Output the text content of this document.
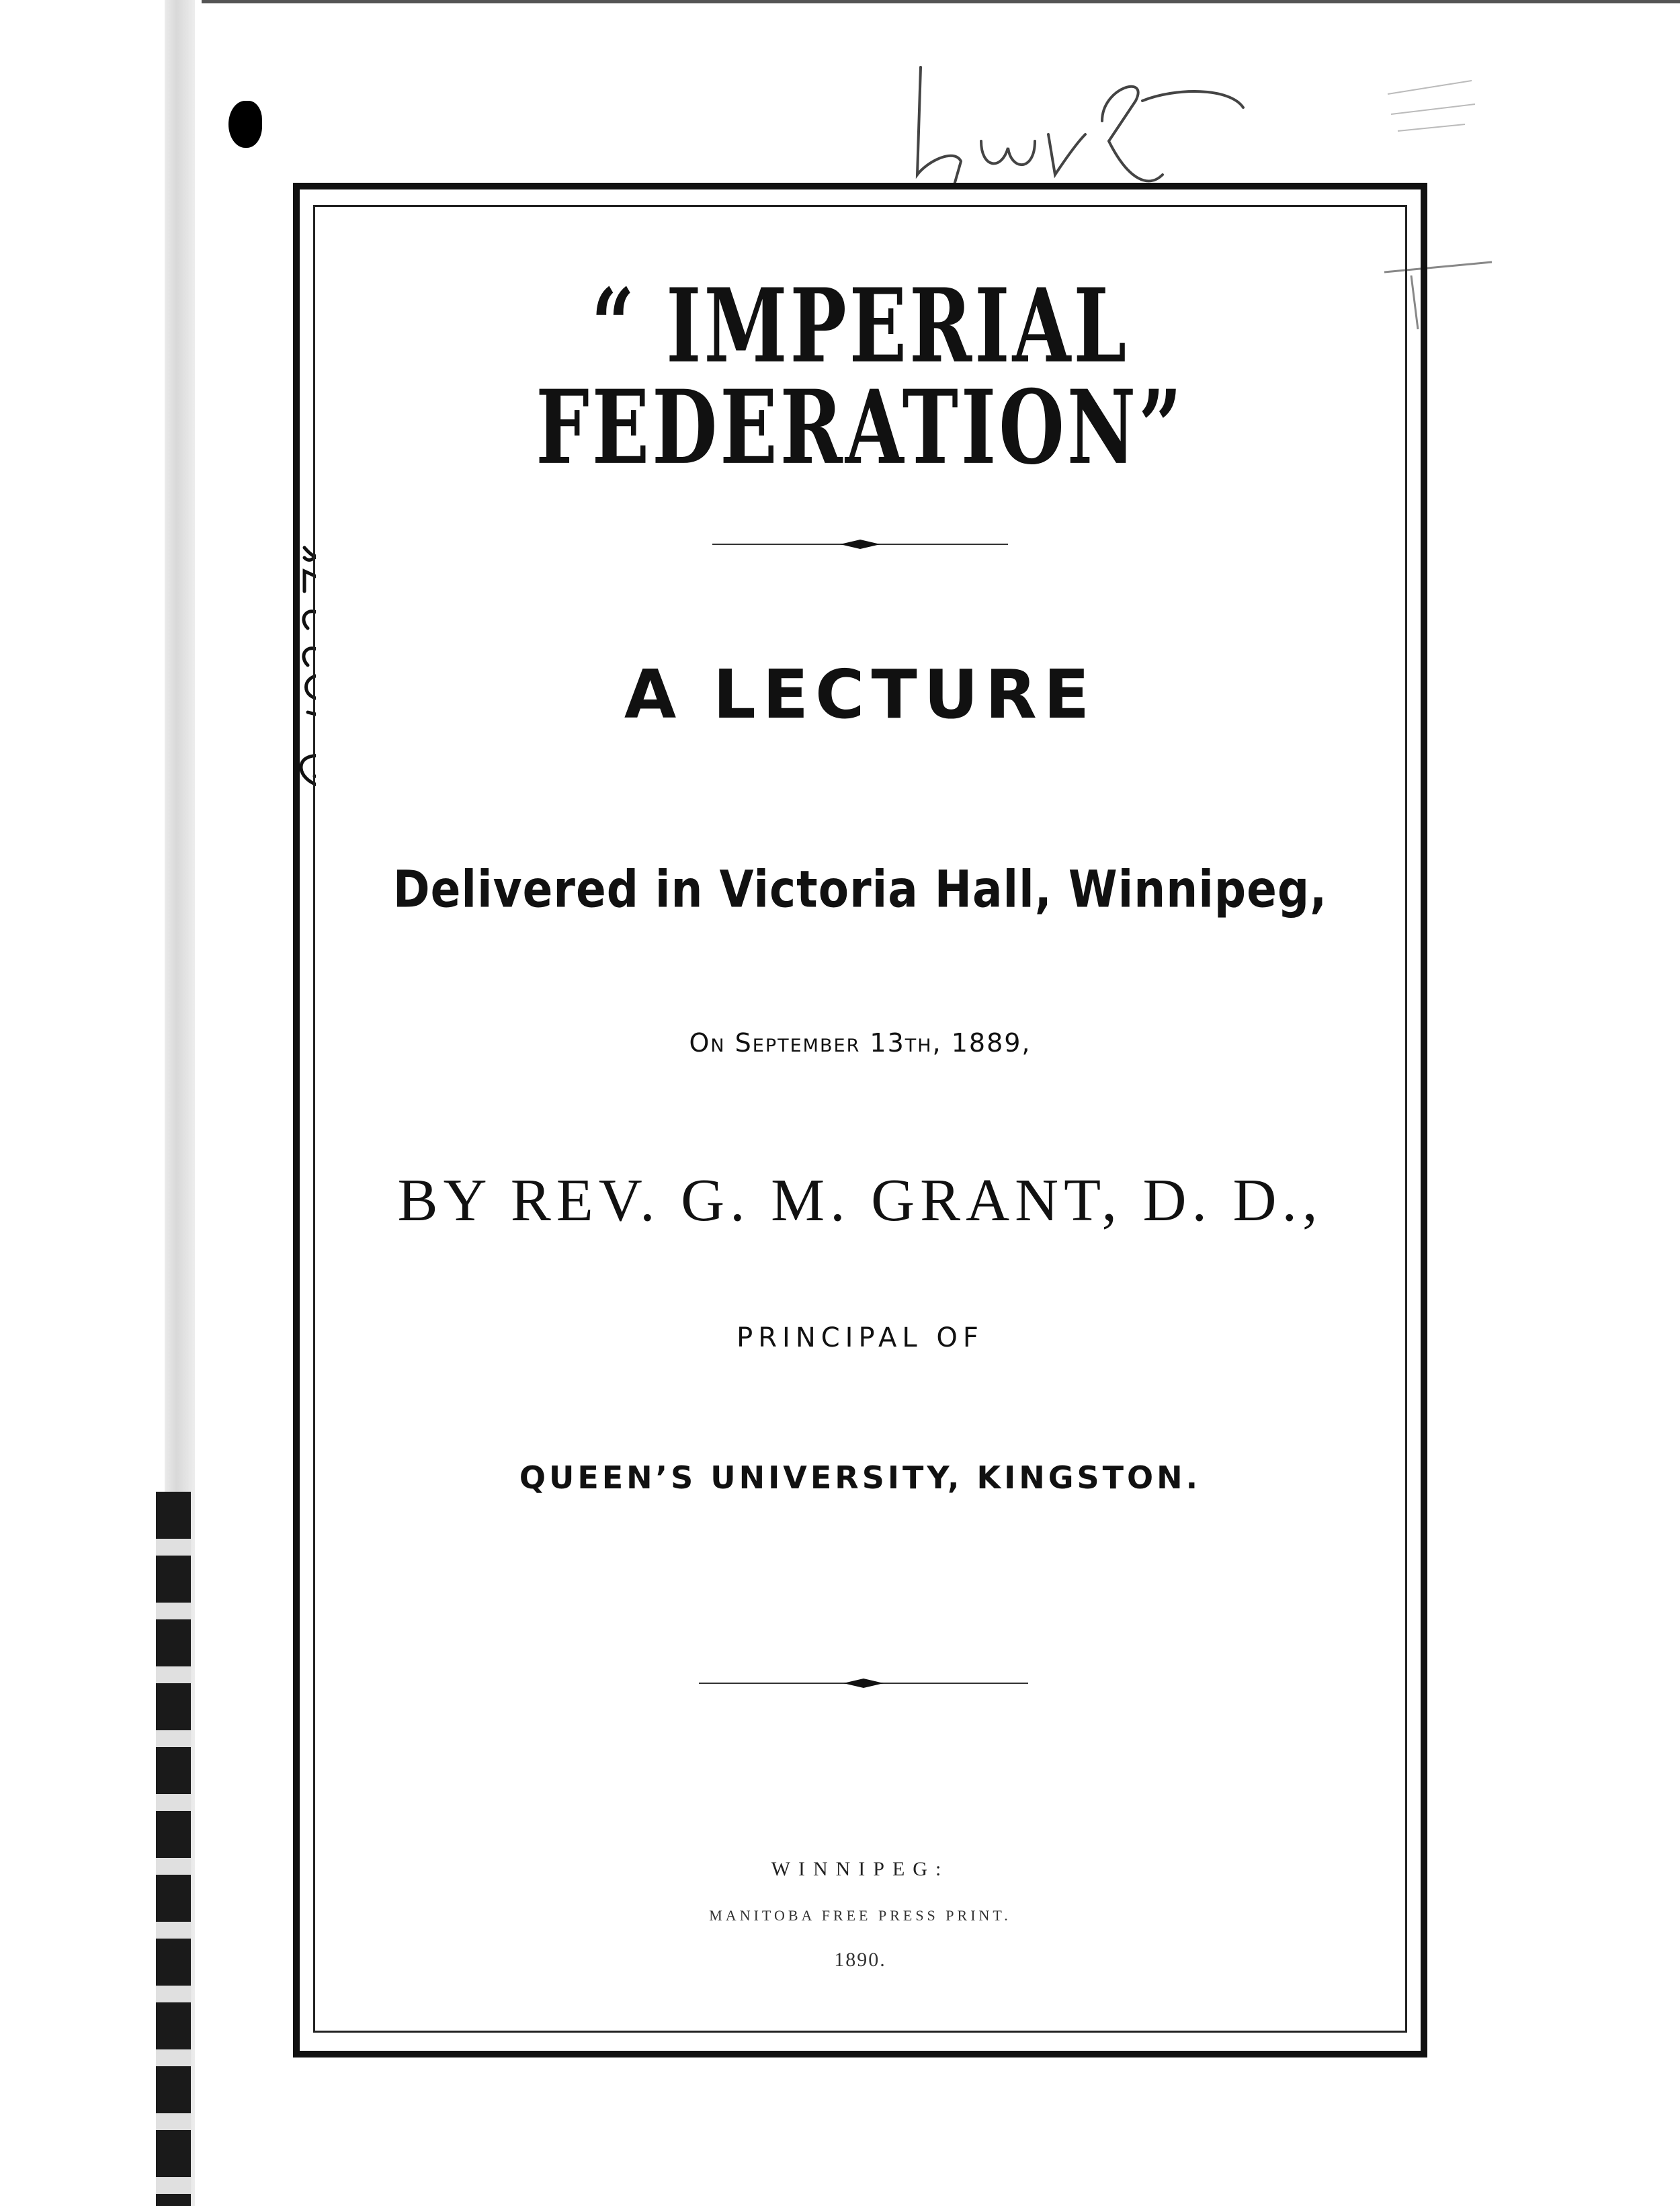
“ IMPERIAL FEDERATION”
A LECTURE

Delivered in Victoria Hall, Winnipeg,

On September 13th, 1889,

BY REV. G. M. GRANT, D. D.,

PRINCIPAL OF

QUEEN’S UNIVERSITY, KINGSTON.

WINNIPEG:

MANITOBA FREE PRESS PRINT.

1890.
